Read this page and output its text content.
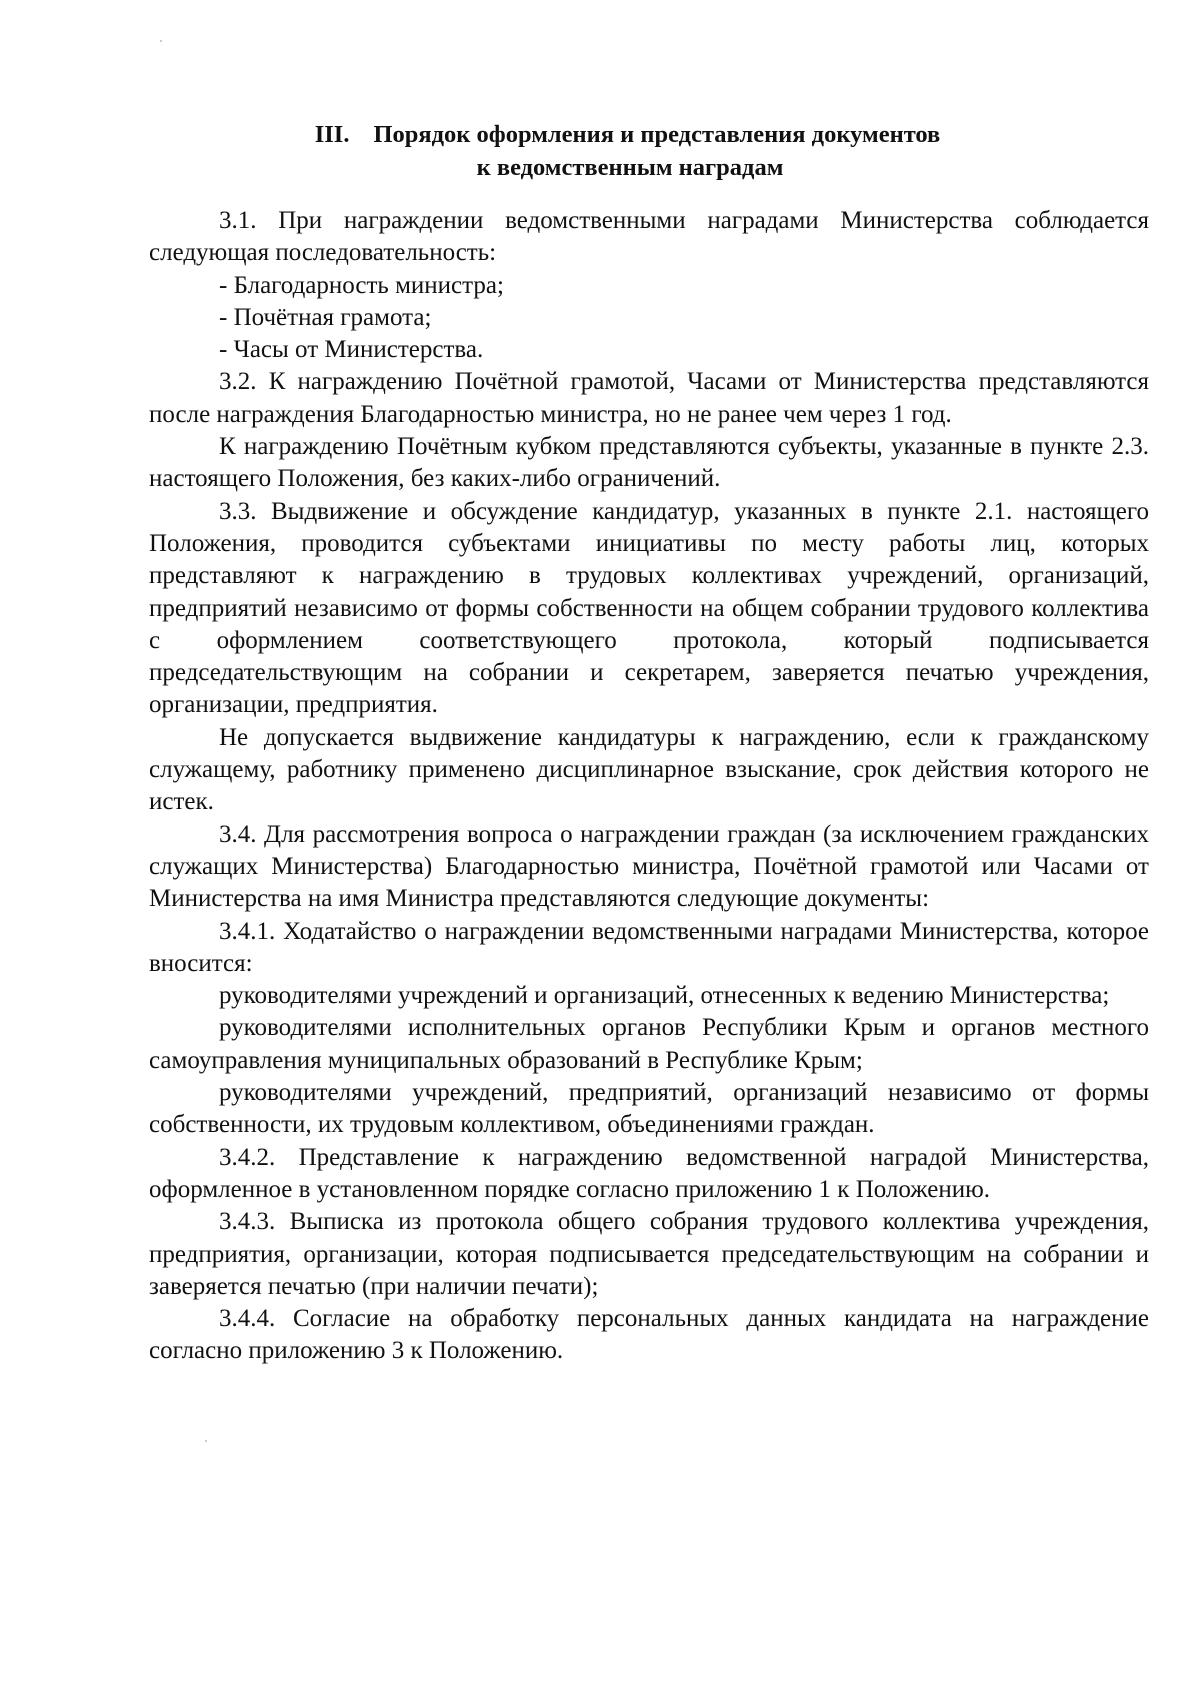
III. Порядок оформления и представления документов
к ведомственным наградам

3.1. При награждении ведомственными наградами Министерства соблюдается следующая последовательность:

- Благодарность министра;

- Почётная грамота;

- Часы от Министерства.

3.2. К награждению Почётной грамотой, Часами от Министерства представляются после награждения Благодарностью министра, но не ранее чем через 1 год.

К награждению Почётным кубком представляются субъекты, указанные в пункте 2.3. настоящего Положения, без каких-либо ограничений.

3.3. Выдвижение и обсуждение кандидатур, указанных в пункте 2.1. настоящего Положения, проводится субъектами инициативы по месту работы лиц, которых представляют к награждению в трудовых коллективах учреждений, организаций, предприятий независимо от формы собственности на общем собрании трудового коллектива с оформлением соответствующего протокола, который подписывается председательствующим на собрании и секретарем, заверяется печатью учреждения, организации, предприятия.

Не допускается выдвижение кандидатуры к награждению, если к гражданскому служащему, работнику применено дисциплинарное взыскание, срок действия которого не истек.

3.4. Для рассмотрения вопроса о награждении граждан (за исключением гражданских служащих Министерства) Благодарностью министра, Почётной грамотой или Часами от Министерства на имя Министра представляются следующие документы:

3.4.1. Ходатайство о награждении ведомственными наградами Министерства, которое вносится:

руководителями учреждений и организаций, отнесенных к ведению Министерства;

руководителями исполнительных органов Республики Крым и органов местного самоуправления муниципальных образований в Республике Крым;

руководителями учреждений, предприятий, организаций независимо от формы собственности, их трудовым коллективом, объединениями граждан.

3.4.2. Представление к награждению ведомственной наградой Министерства, оформленное в установленном порядке согласно приложению 1 к Положению.

3.4.3. Выписка из протокола общего собрания трудового коллектива учреждения, предприятия, организации, которая подписывается председательствующим на собрании и заверяется печатью (при наличии печати);

3.4.4. Согласие на обработку персональных данных кандидата на награждение согласно приложению 3 к Положению.
